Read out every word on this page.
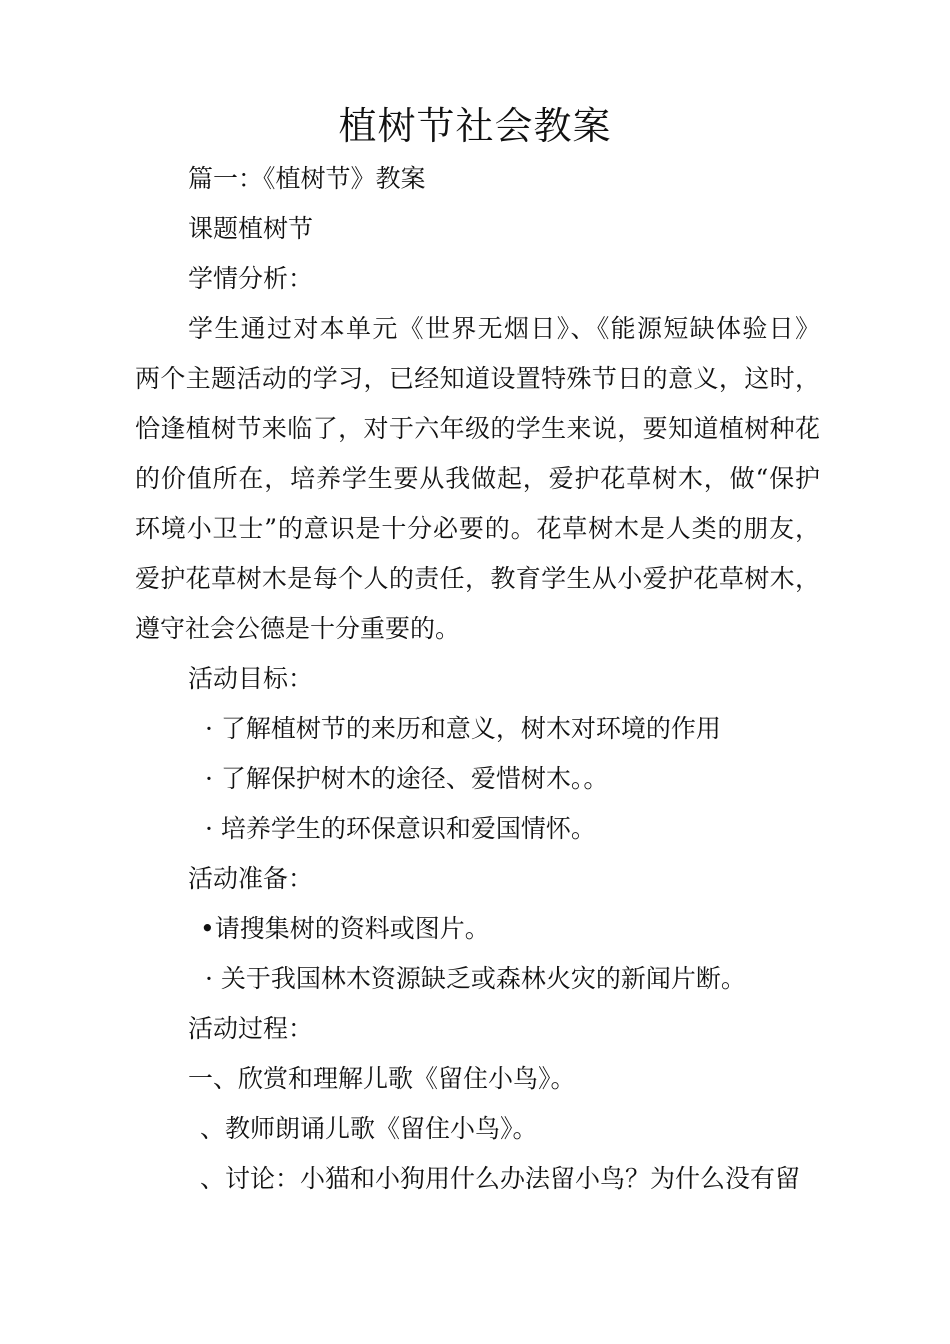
植树节社会教案
篇一：《植树节》教案
课题植树节
学情分析：
学生通过对本单元《世界无烟日》、《能源短缺体验日》
两个主题活动的学习，已经知道设置特殊节日的意义，这时，
恰逢植树节来临了，对于六年级的学生来说，要知道植树种花
的价值所在，培养学生要从我做起，爱护花草树木，做“保护
环境小卫士”的意识是十分必要的。花草树木是人类的朋友，
爱护花草树木是每个人的责任，教育学生从小爱护花草树木，
遵守社会公德是十分重要的。
活动目标：
· 了解植树节的来历和意义，树木对环境的作用
· 了解保护树木的途径、爱惜树木。。
· 培养学生的环保意识和爱国情怀。
活动准备：
•请搜集树的资料或图片。
· 关于我国林木资源缺乏或森林火灾的新闻片断。
活动过程：
一、欣赏和理解儿歌《留住小鸟》。
、教师朗诵儿歌《留住小鸟》。
、讨论：小猫和小狗用什么办法留小鸟？为什么没有留
